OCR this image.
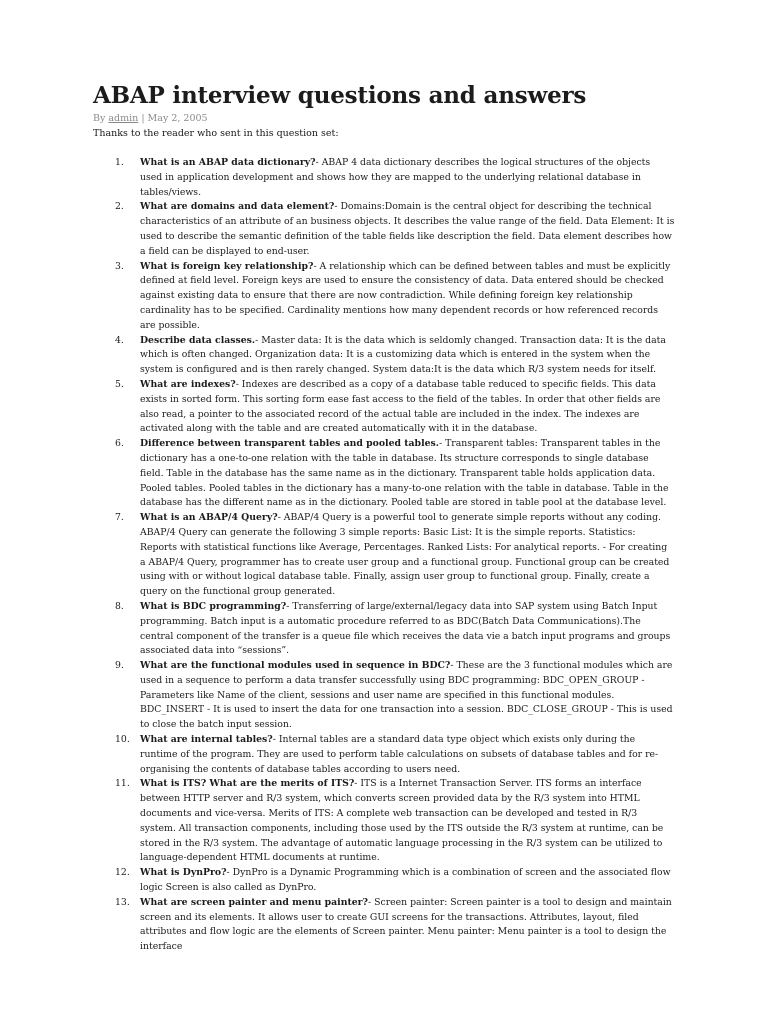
ABAP interview questions and answers
By admin | May 2, 2005
Thanks to the reader who sent in this question set:
1. What is an ABAP data dictionary?- ABAP 4 data dictionary describes the logical structures of the objects used in application development and shows how they are mapped to the underlying relational database in tables/views.
2. What are domains and data element?- Domains:Domain is the central object for describing the technical characteristics of an attribute of an business objects. It describes the value range of the field. Data Element: It is used to describe the semantic definition of the table fields like description the field. Data element describes how a field can be displayed to end-user.
3. What is foreign key relationship?- A relationship which can be defined between tables and must be explicitly defined at field level. Foreign keys are used to ensure the consistency of data. Data entered should be checked against existing data to ensure that there are now contradiction. While defining foreign key relationship cardinality has to be specified. Cardinality mentions how many dependent records or how referenced records are possible.
4. Describe data classes.- Master data: It is the data which is seldomly changed. Transaction data: It is the data which is often changed. Organization data: It is a customizing data which is entered in the system when the system is configured and is then rarely changed. System data:It is the data which R/3 system needs for itself.
5. What are indexes?- Indexes are described as a copy of a database table reduced to specific fields. This data exists in sorted form. This sorting form ease fast access to the field of the tables. In order that other fields are also read, a pointer to the associated record of the actual table are included in the index. The indexes are activated along with the table and are created automatically with it in the database.
6. Difference between transparent tables and pooled tables.- Transparent tables: Transparent tables in the dictionary has a one-to-one relation with the table in database. Its structure corresponds to single database field. Table in the database has the same name as in the dictionary. Transparent table holds application data. Pooled tables. Pooled tables in the dictionary has a many-to-one relation with the table in database. Table in the database has the different name as in the dictionary. Pooled table are stored in table pool at the database level.
7. What is an ABAP/4 Query?- ABAP/4 Query is a powerful tool to generate simple reports without any coding. ABAP/4 Query can generate the following 3 simple reports: Basic List: It is the simple reports. Statistics: Reports with statistical functions like Average, Percentages. Ranked Lists: For analytical reports. - For creating a ABAP/4 Query, programmer has to create user group and a functional group. Functional group can be created using with or without logical database table. Finally, assign user group to functional group. Finally, create a query on the functional group generated.
8. What is BDC programming?- Transferring of large/external/legacy data into SAP system using Batch Input programming. Batch input is a automatic procedure referred to as BDC(Batch Data Communications).The central component of the transfer is a queue file which receives the data vie a batch input programs and groups associated data into “sessions”.
9. What are the functional modules used in sequence in BDC?- These are the 3 functional modules which are used in a sequence to perform a data transfer successfully using BDC programming: BDC_OPEN_GROUP - Parameters like Name of the client, sessions and user name are specified in this functional modules. BDC_INSERT - It is used to insert the data for one transaction into a session. BDC_CLOSE_GROUP - This is used to close the batch input session.
10. What are internal tables?- Internal tables are a standard data type object which exists only during the runtime of the program. They are used to perform table calculations on subsets of database tables and for re-organising the contents of database tables according to users need.
11. What is ITS? What are the merits of ITS?- ITS is a Internet Transaction Server. ITS forms an interface between HTTP server and R/3 system, which converts screen provided data by the R/3 system into HTML documents and vice-versa. Merits of ITS: A complete web transaction can be developed and tested in R/3 system. All transaction components, including those used by the ITS outside the R/3 system at runtime, can be stored in the R/3 system. The advantage of automatic language processing in the R/3 system can be utilized to language-dependent HTML documents at runtime.
12. What is DynPro?- DynPro is a Dynamic Programming which is a combination of screen and the associated flow logic Screen is also called as DynPro.
13. What are screen painter and menu painter?- Screen painter: Screen painter is a tool to design and maintain screen and its elements. It allows user to create GUI screens for the transactions. Attributes, layout, filed attributes and flow logic are the elements of Screen painter. Menu painter: Menu painter is a tool to design the interface
